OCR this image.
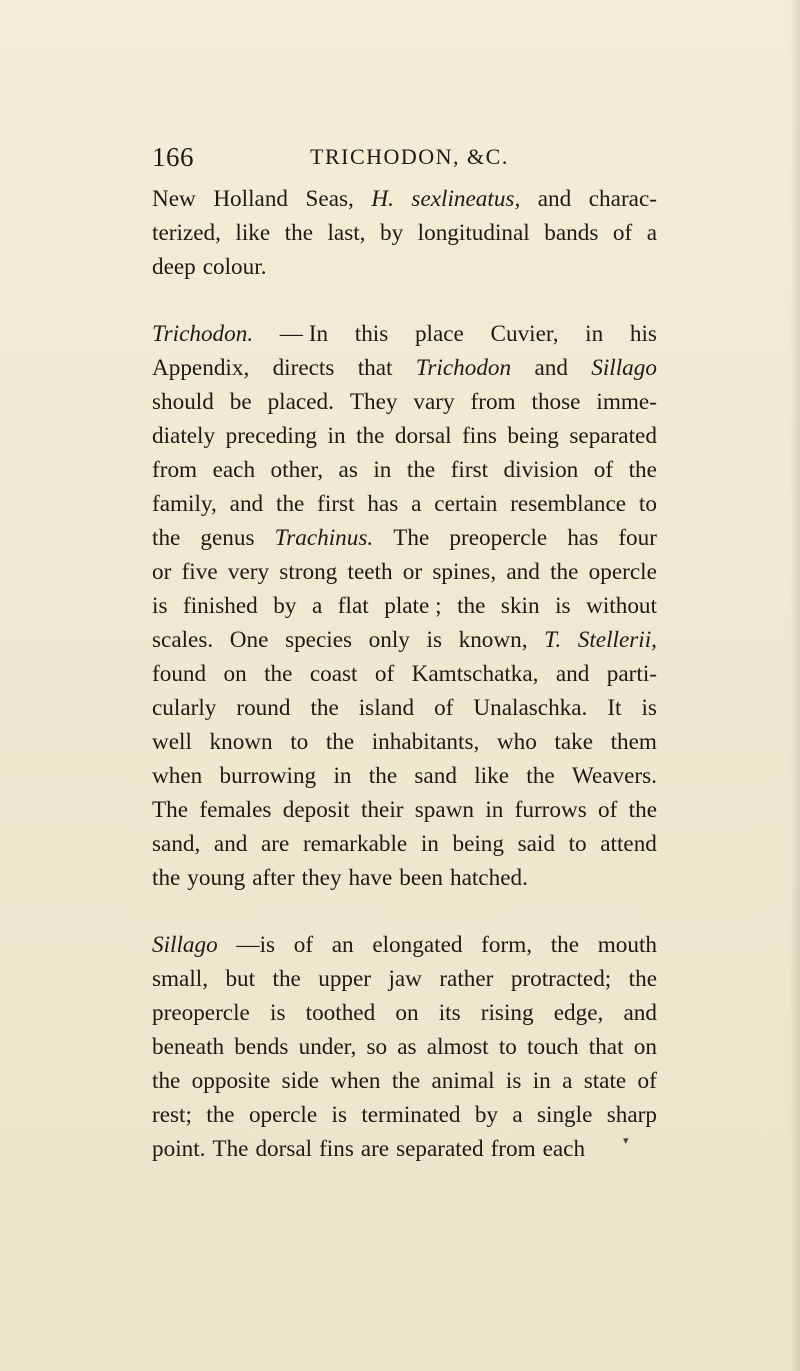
166	TRICHODON, &C.
New Holland Seas, H. sexlineatus, and charac-
terized, like the last, by longitudinal bands of a
deep colour.
Trichodon. — In this place Cuvier, in his
Appendix, directs that Trichodon and Sillago
should be placed. They vary from those imme-
diately preceding in the dorsal fins being separated
from each other, as in the first division of the
family, and the first has a certain resemblance to
the genus Trachinus. The preopercle has four
or five very strong teeth or spines, and the opercle
is finished by a flat plate ; the skin is without
scales. One species only is known, T. Stellerii,
found on the coast of Kamtschatka, and parti-
cularly round the island of Unalaschka. It is
well known to the inhabitants, who take them
when burrowing in the sand like the Weavers.
The females deposit their spawn in furrows of the
sand, and are remarkable in being said to attend
the young after they have been hatched.
Sillago —is of an elongated form, the mouth
small, but the upper jaw rather protracted; the
preopercle is toothed on its rising edge, and
beneath bends under, so as almost to touch that on
the opposite side when the animal is in a state of
rest; the opercle is terminated by a single sharp
point. The dorsal fins are separated from each	▾
